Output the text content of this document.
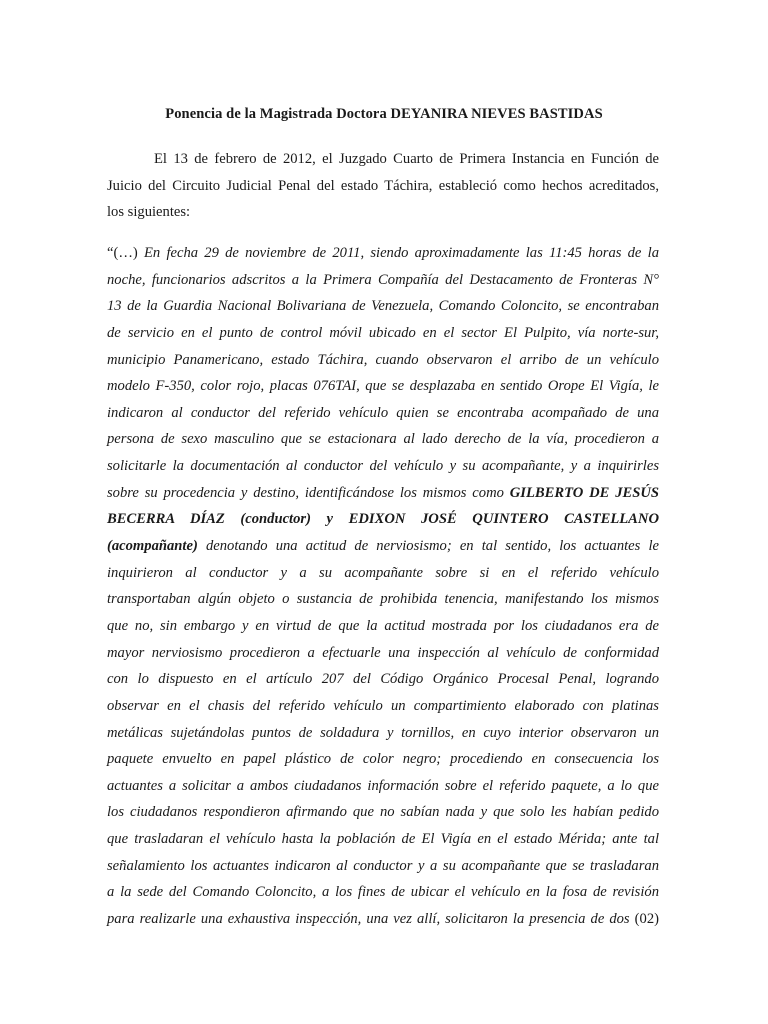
Ponencia de la Magistrada Doctora DEYANIRA NIEVES BASTIDAS
El 13 de febrero de 2012, el Juzgado Cuarto de Primera Instancia en Función de
Juicio del Circuito Judicial Penal del estado Táchira, estableció como hechos acreditados,
los siguientes:
“(…) En fecha 29 de noviembre de 2011, siendo aproximadamente las 11:45 horas de la
noche, funcionarios adscritos a la Primera Compañía del Destacamento de Fronteras N°
13 de la Guardia Nacional Bolivariana de Venezuela, Comando Coloncito, se encontraban
de servicio en el punto de control móvil ubicado en el sector El Pulpito, vía norte-sur,
municipio Panamericano, estado Táchira, cuando observaron el arribo de un vehículo
modelo F-350, color rojo, placas 076TAI, que se desplazaba en sentido Orope El Vigía, le
indicaron al conductor del referido vehículo quien se encontraba acompañado de una
persona de sexo masculino que se estacionara al lado derecho de la vía, procedieron a
solicitarle la documentación al conductor del vehículo y su acompañante, y a inquirirles
sobre su procedencia y destino, identificándose los mismos como GILBERTO DE JESÚS
BECERRA DÍAZ (conductor) y EDIXON JOSÉ QUINTERO CASTELLANO
(acompañante) denotando una actitud de nerviosismo; en tal sentido, los actuantes le
inquirieron al conductor y a su acompañante sobre si en el referido vehículo
transportaban algún objeto o sustancia de prohibida tenencia, manifestando los mismos
que no, sin embargo y en virtud de que la actitud mostrada por los ciudadanos era de
mayor nerviosismo procedieron a efectuarle una inspección al vehículo de conformidad
con lo dispuesto en el artículo 207 del Código Orgánico Procesal Penal, logrando
observar en el chasis del referido vehículo un compartimiento elaborado con platinas
metálicas sujetándolas puntos de soldadura y tornillos, en cuyo interior observaron un
paquete envuelto en papel plástico de color negro; procediendo en consecuencia los
actuantes a solicitar a ambos ciudadanos información sobre el referido paquete, a lo que
los ciudadanos respondieron afirmando que no sabían nada y que solo les habían pedido
que trasladaran el vehículo hasta la población de El Vigía en el estado Mérida; ante tal
señalamiento los actuantes indicaron al conductor y a su acompañante que se trasladaran
a la sede del Comando Coloncito, a los fines de ubicar el vehículo en la fosa de revisión
para realizarle una exhaustiva inspección, una vez allí, solicitaron la presencia de dos (02)
